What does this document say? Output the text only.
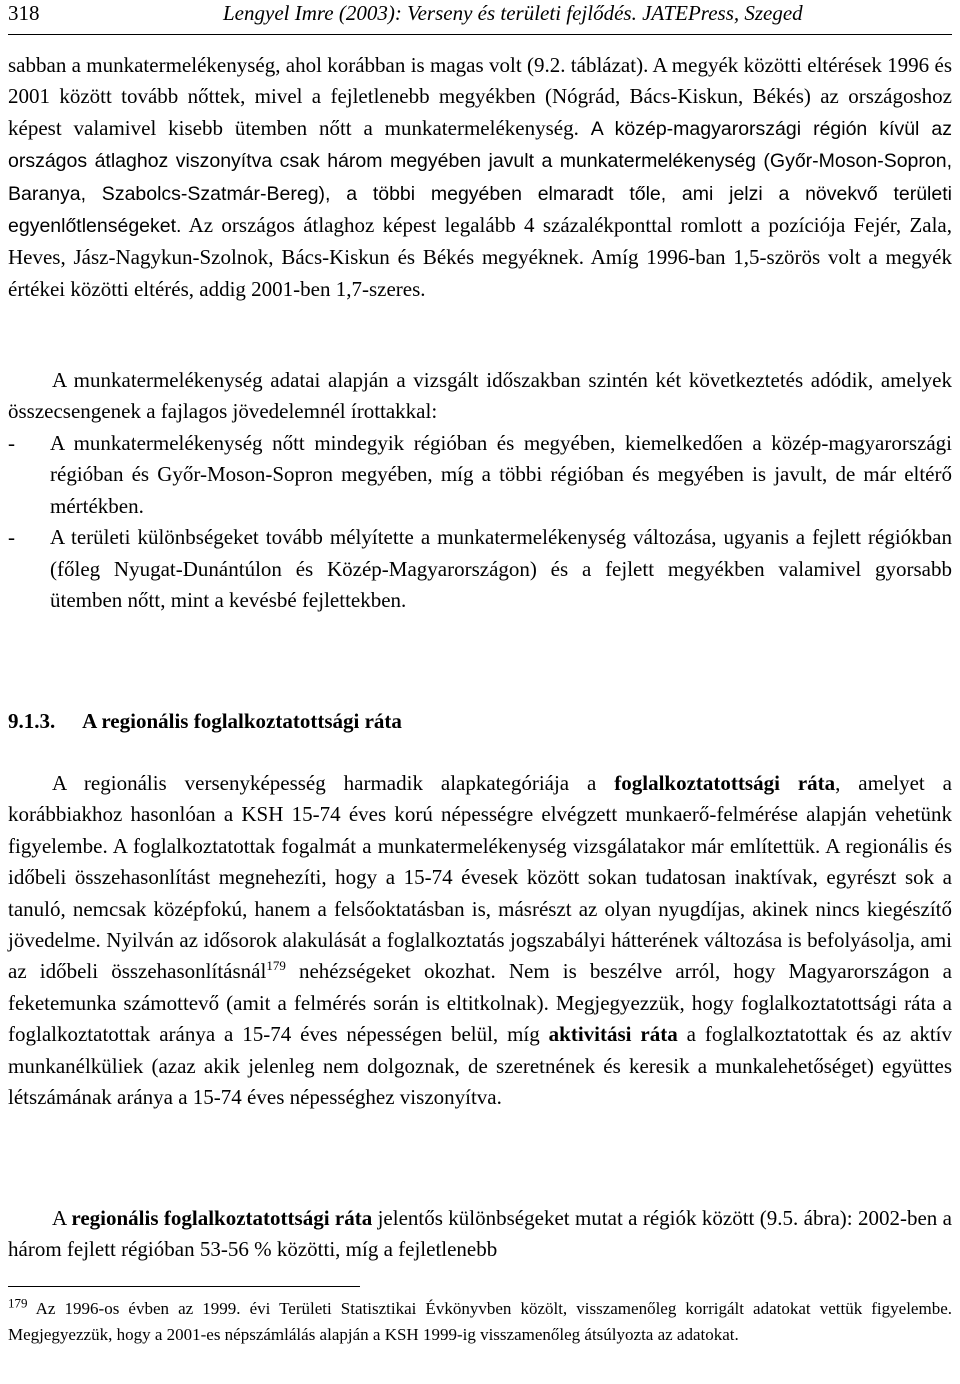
318	Lengyel Imre (2003): Verseny és területi fejlődés. JATEPress, Szeged

sabban a munkatermelékenység, ahol korábban is magas volt (9.2. táblázat). A megyék közötti eltérések 1996 és 2001 között tovább nőttek, mivel a fejletlenebb megyékben (Nógrád, Bács-Kiskun, Békés) az országoshoz képest valamivel kisebb ütemben nőtt a munkatermelékenység. A közép-magyarországi régión kívül az országos átlaghoz viszonyítva csak három megyében javult a munkatermelékenység (Győr-Moson-Sopron, Baranya, Szabolcs-Szatmár-Bereg), a többi megyében elmaradt tőle, ami jelzi a növekvő területi egyenlőtlenségeket. Az országos átlaghoz képest legalább 4 százalékponttal romlott a pozíciója Fejér, Zala, Heves, Jász-Nagykun-Szolnok, Bács-Kiskun és Békés megyéknek. Amíg 1996-ban 1,5-szörös volt a megyék értékei közötti eltérés, addig 2001-ben 1,7-szeres.

A munkatermelékenység adatai alapján a vizsgált időszakban szintén két következtetés adódik, amelyek összecsengenek a fajlagos jövedelemnél írottakkal:

- A munkatermelékenység nőtt mindegyik régióban és megyében, kiemelkedően a közép-magyarországi régióban és Győr-Moson-Sopron megyében, míg a többi régióban és megyében is javult, de már eltérő mértékben.
- A területi különbségeket tovább mélyítette a munkatermelékenység változása, ugyanis a fejlett régiókban (főleg Nyugat-Dunántúlon és Közép-Magyarországon) és a fejlett megyékben valamivel gyorsabb ütemben nőtt, mint a kevésbé fejlettekben.
9.1.3. A regionális foglalkoztatottsági ráta

A regionális versenyképesség harmadik alapkategóriája a foglalkoztatottsági ráta, amelyet a korábbiakhoz hasonlóan a KSH 15-74 éves korú népességre elvégzett munkaerő-felmérése alapján vehetünk figyelembe. A foglalkoztatottak fogalmát a munkatermelékenység vizsgálatakor már említettük. A regionális és időbeli összehasonlítást megnehezíti, hogy a 15-74 évesek között sokan tudatosan inaktívak, egyrészt sok a tanuló, nemcsak középfokú, hanem a felsőoktatásban is, másrészt az olyan nyugdíjas, akinek nincs kiegészítő jövedelme. Nyilván az idősorok alakulását a foglalkoztatás jogszabályi hátterének változása is befolyásolja, ami az időbeli összehasonlításnál$^{179}$ nehézségeket okozhat. Nem is beszélve arról, hogy Magyarországon a feketemunka számottevő (amit a felmérés során is eltitkolnak). Megjegyezzük, hogy foglalkoztatottsági ráta a foglalkoztatottak aránya a 15-74 éves népességen belül, míg aktivitási ráta a foglalkoztatottak és az aktív munkanélküliek (azaz akik jelenleg nem dolgoznak, de szeretnének és keresik a munkalehetőséget) együttes létszámának aránya a 15-74 éves népességhez viszonyítva.

A regionális foglalkoztatottsági ráta jelentős különbségeket mutat a régiók között (9.5. ábra): 2002-ben a három fejlett régióban 53-56 % közötti, míg a fejletlenebb

$^{179}$ Az 1996-os évben az 1999. évi Területi Statisztikai Évkönyvben közölt, visszamenőleg korrigált adatokat vettük figyelembe. Megjegyezzük, hogy a 2001-es népszámlálás alapján a KSH 1999-ig visszamenőleg átsúlyozta az adatokat.
